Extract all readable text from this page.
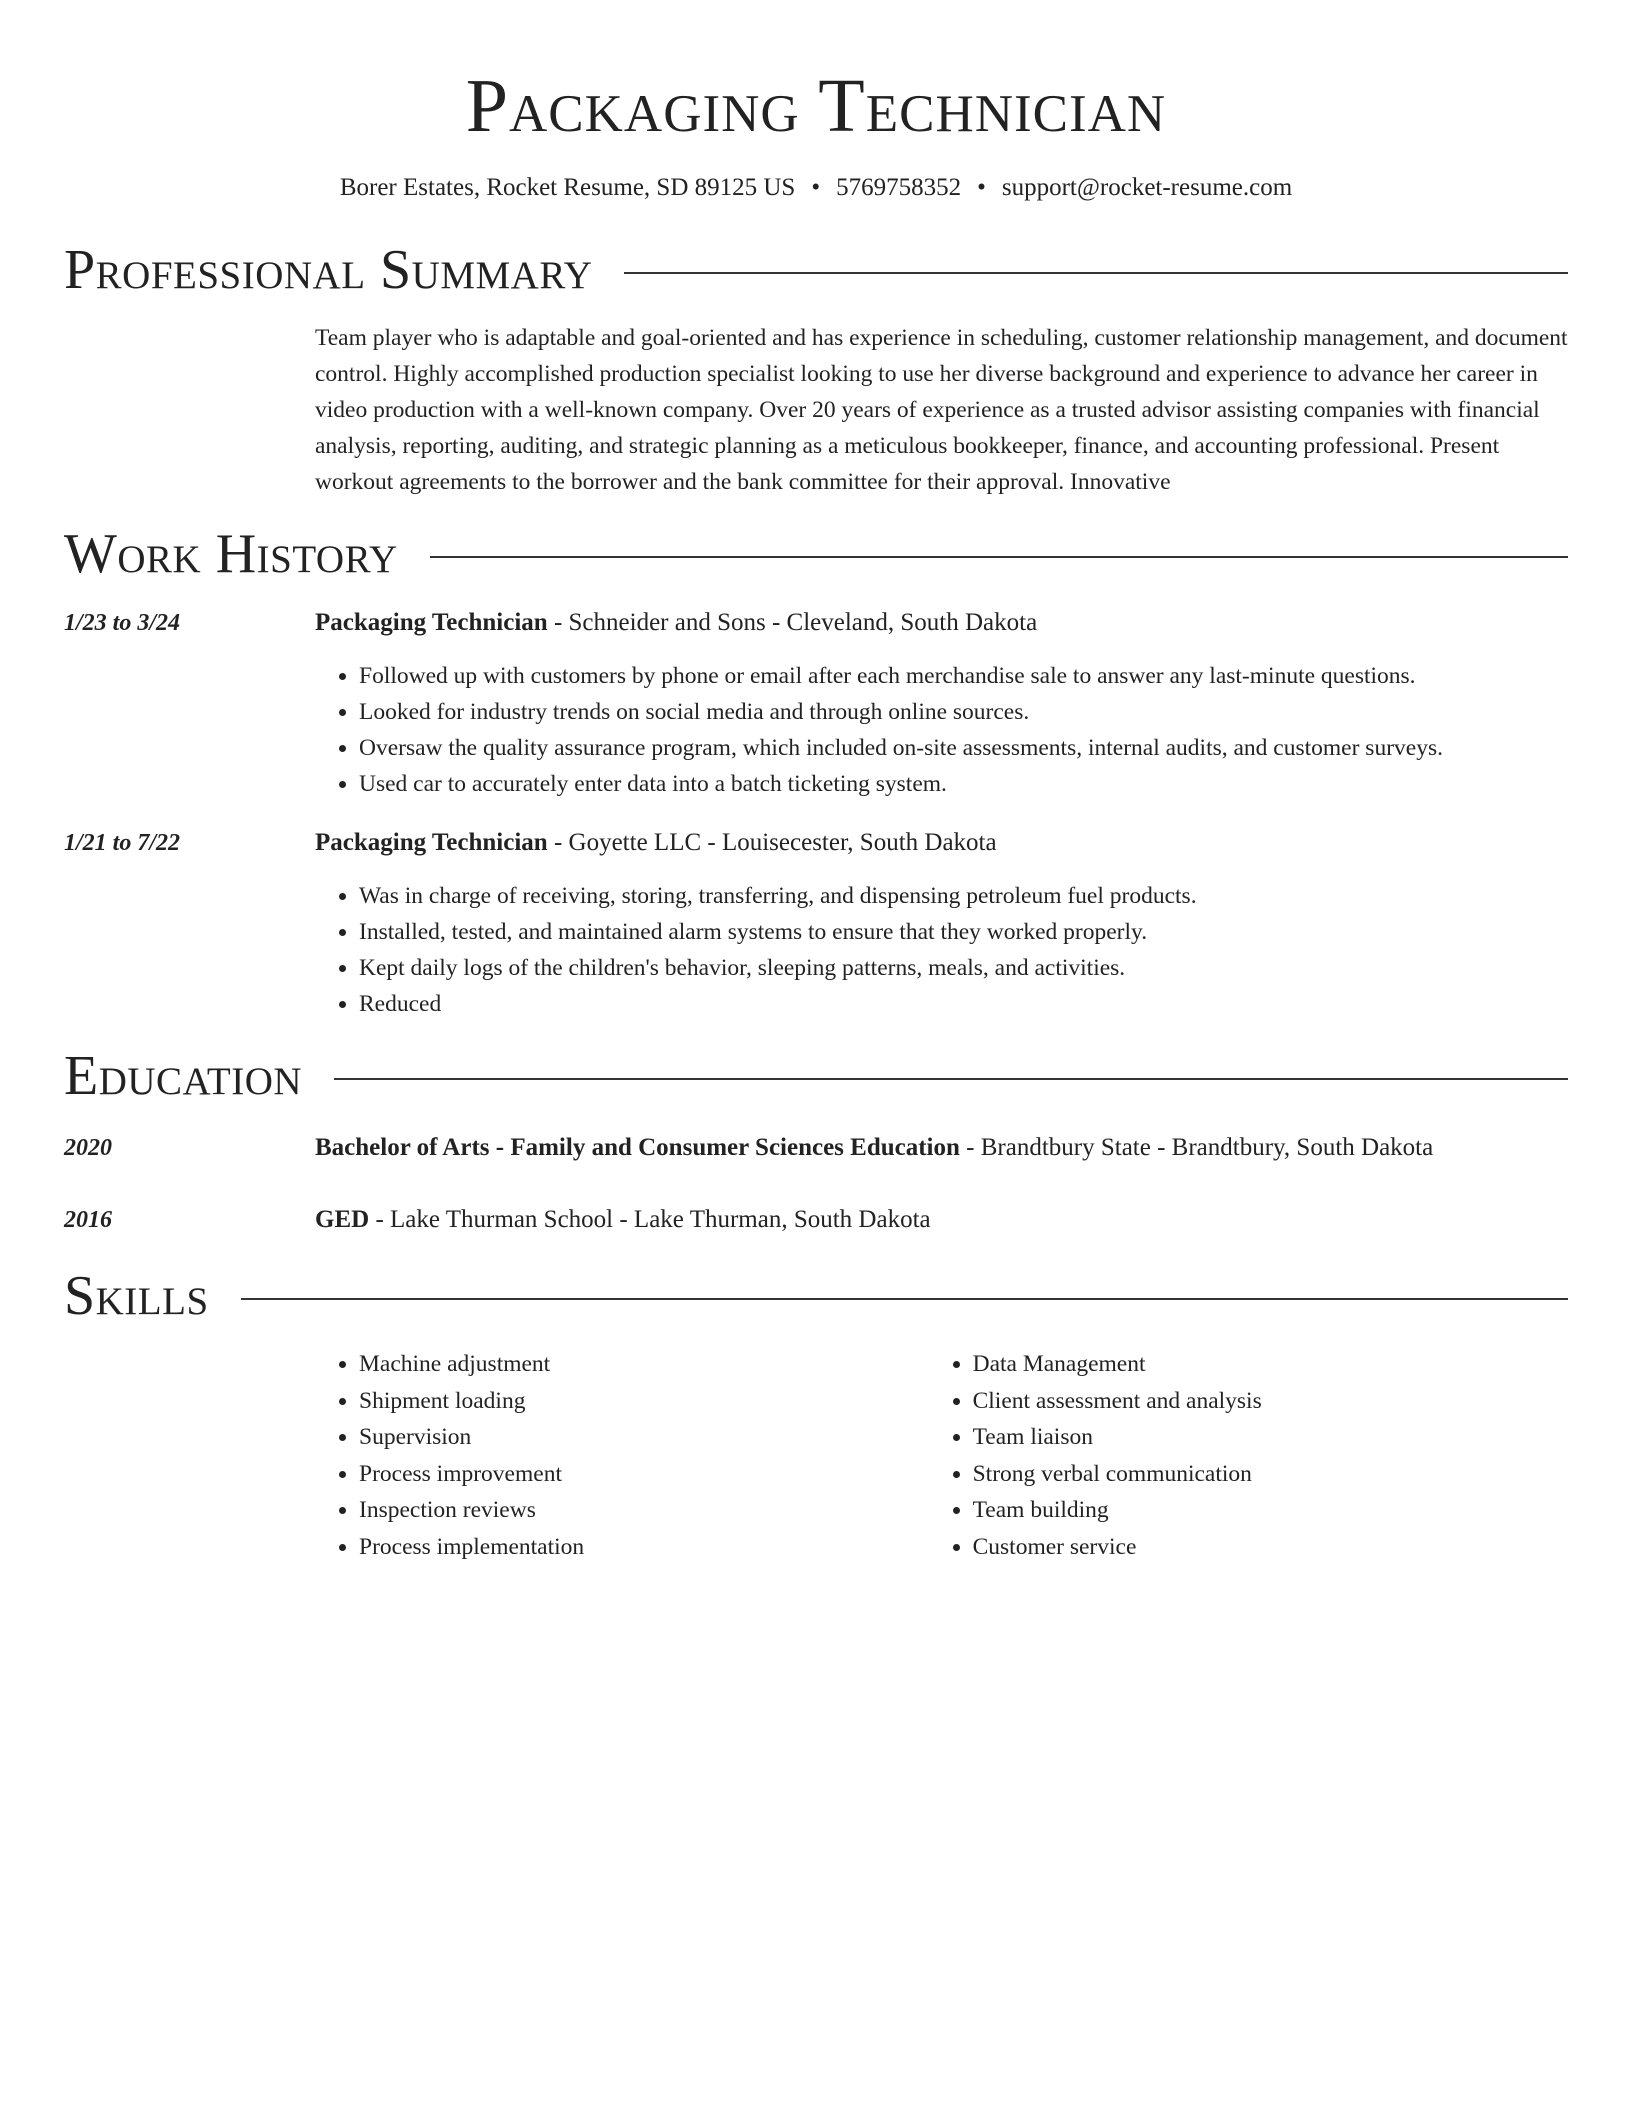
Packaging Technician
Borer Estates, Rocket Resume, SD 89125 US • 5769758352 • support@rocket-resume.com
Professional Summary
Team player who is adaptable and goal-oriented and has experience in scheduling, customer relationship management, and document control. Highly accomplished production specialist looking to use her diverse background and experience to advance her career in video production with a well-known company. Over 20 years of experience as a trusted advisor assisting companies with financial analysis, reporting, auditing, and strategic planning as a meticulous bookkeeper, finance, and accounting professional. Present workout agreements to the borrower and the bank committee for their approval. Innovative
Work History
1/23 to 3/24	Packaging Technician - Schneider and Sons - Cleveland, South Dakota
• Followed up with customers by phone or email after each merchandise sale to answer any last-minute questions.
• Looked for industry trends on social media and through online sources.
• Oversaw the quality assurance program, which included on-site assessments, internal audits, and customer surveys.
• Used car to accurately enter data into a batch ticketing system.
1/21 to 7/22	Packaging Technician - Goyette LLC - Louisecester, South Dakota
• Was in charge of receiving, storing, transferring, and dispensing petroleum fuel products.
• Installed, tested, and maintained alarm systems to ensure that they worked properly.
• Kept daily logs of the children's behavior, sleeping patterns, meals, and activities.
• Reduced
Education
2020	Bachelor of Arts - Family and Consumer Sciences Education - Brandtbury State - Brandtbury, South Dakota
2016	GED - Lake Thurman School - Lake Thurman, South Dakota
Skills
• Machine adjustment
• Shipment loading
• Supervision
• Process improvement
• Inspection reviews
• Process implementation
• Data Management
• Client assessment and analysis
• Team liaison
• Strong verbal communication
• Team building
• Customer service
